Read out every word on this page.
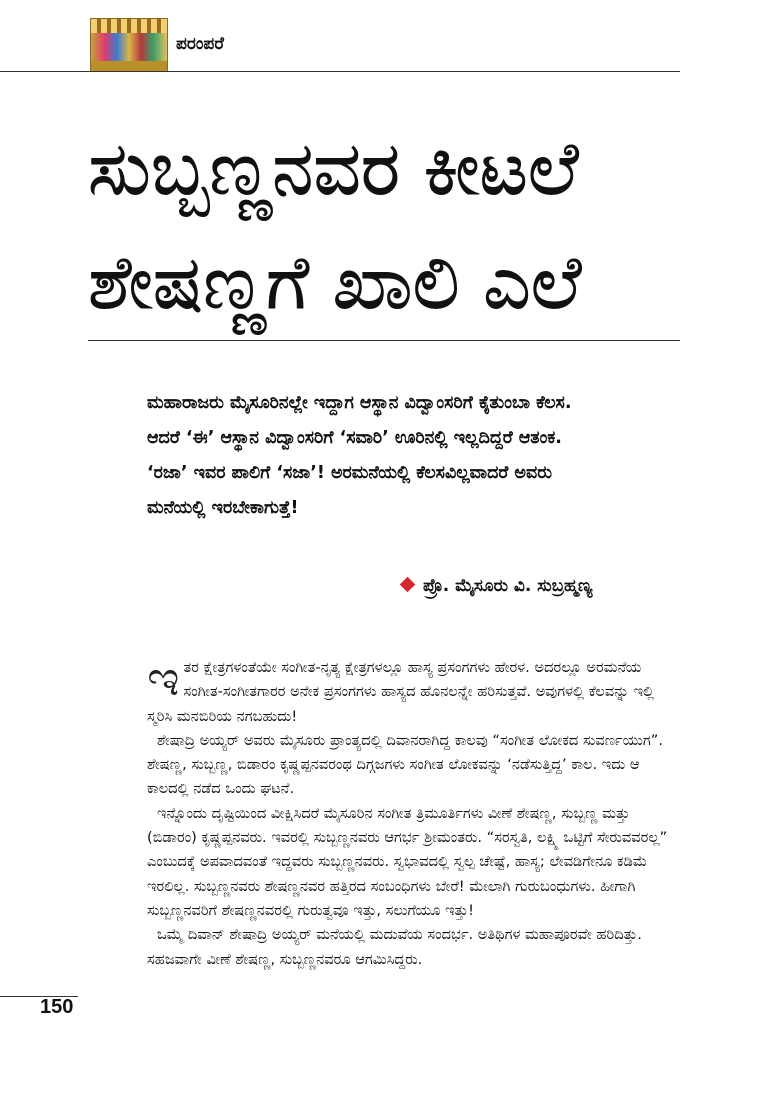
ಪರಂಪರೆ
ಸುಬ್ಬಣ್ಣನವರ ಕೀಟಲೆ
ಶೇಷಣ್ಣಗೆ ಖಾಲಿ ಎಲೆ
ಮಹಾರಾಜರು ಮೈಸೂರಿನಲ್ಲೇ ಇದ್ದಾಗ ಆಸ್ಥಾನ ವಿದ್ವಾಂಸರಿಗೆ ಕೈತುಂಬಾ ಕೆಲಸ. ಆದರೆ ‘ಈ’ ಆಸ್ಥಾನ ವಿದ್ವಾಂಸರಿಗೆ ‘ಸವಾರಿ’ ಊರಿನಲ್ಲಿ ಇಲ್ಲದಿದ್ದರೆ ಆತಂಕ. ‘ರಜಾ’ ಇವರ ಪಾಲಿಗೆ ‘ಸಜಾ’! ಅರಮನೆಯಲ್ಲಿ ಕೆಲಸವಿಲ್ಲವಾದರೆ ಅವರು ಮನೆಯಲ್ಲಿ ಇರಬೇಕಾಗುತ್ತೆ!
ಪ್ರೊ. ಮೈಸೂರು ವಿ. ಸುಬ್ರಹ್ಮಣ್ಯ

ಇತರ ಕ್ಷೇತ್ರಗಳಂತೆಯೇ ಸಂಗೀತ-ನೃತ್ಯ ಕ್ಷೇತ್ರಗಳಲ್ಲೂ ಹಾಸ್ಯ ಪ್ರಸಂಗಗಳು ಹೇರಳ. ಅದರಲ್ಲೂ ಅರಮನೆಯ ಸಂಗೀತ-ಸಂಗೀತಗಾರರ ಅನೇಕ ಪ್ರಸಂಗಗಳು ಹಾಸ್ಯದ ಹೊನಲನ್ನೇ ಹರಿಸುತ್ತವೆ. ಅವುಗಳಲ್ಲಿ ಕೆಲವನ್ನು ಇಲ್ಲಿ ಸ್ಮರಿಸಿ ಮನಬಿರಿಯ ನಗಬಹುದು!

ಶೇಷಾದ್ರಿ ಅಯ್ಯರ್ ಅವರು ಮೈಸೂರು ಪ್ರಾಂತ್ಯದಲ್ಲಿ ದಿವಾನರಾಗಿದ್ದ ಕಾಲವು “ಸಂಗೀತ ಲೋಕದ ಸುವರ್ಣಯುಗ”. ಶೇಷಣ್ಣ, ಸುಬ್ಬಣ್ಣ, ಬಿಡಾರಂ ಕೃಷ್ಣಪ್ಪನವರಂಥ ದಿಗ್ಗಜಗಳು ಸಂಗೀತ ಲೋಕವನ್ನು ‘ನಡೆಸುತ್ತಿದ್ದ’ ಕಾಲ. ಇದು ಆ ಕಾಲದಲ್ಲಿ ನಡೆದ ಒಂದು ಘಟನೆ.

ಇನ್ನೊಂದು ದೃಷ್ಟಿಯಿಂದ ವೀಕ್ಷಿಸಿದರೆ ಮೈಸೂರಿನ ಸಂಗೀತ ತ್ರಿಮೂರ್ತಿಗಳು ವೀಣೆ ಶೇಷಣ್ಣ, ಸುಬ್ಬಣ್ಣ ಮತ್ತು (ಬಿಡಾರಂ) ಕೃಷ್ಣಪ್ಪನವರು. ಇವರಲ್ಲಿ ಸುಬ್ಬಣ್ಣನವರು ಆಗರ್ಭ ಶ್ರೀಮಂತರು. “ಸರಸ್ವತಿ, ಲಕ್ಷ್ಮಿ ಒಟ್ಟಿಗೆ ಸೇರುವವರಲ್ಲ” ಎಂಬುದಕ್ಕೆ ಅಪವಾದವಂತೆ ಇದ್ದವರು ಸುಬ್ಬಣ್ಣನವರು. ಸ್ವಭಾವದಲ್ಲಿ ಸ್ವಲ್ಪ ಚೇಷ್ಟೆ, ಹಾಸ್ಯ; ಲೇವಡಿಗೇನೂ ಕಡಿಮೆ ಇರಲಿಲ್ಲ. ಸುಬ್ಬಣ್ಣನವರು ಶೇಷಣ್ಣನವರ ಹತ್ತಿರದ ಸಂಬಂಧಿಗಳು ಬೇರೆ! ಮೇಲಾಗಿ ಗುರುಬಂಧುಗಳು. ಹೀಗಾಗಿ ಸುಬ್ಬಣ್ಣನವರಿಗೆ ಶೇಷಣ್ಣನವರಲ್ಲಿ ಗುರುತ್ವವೂ ಇತ್ತು, ಸಲುಗೆಯೂ ಇತ್ತು!

ಒಮ್ಮೆ ದಿವಾನ್ ಶೇಷಾದ್ರಿ ಅಯ್ಯರ್ ಮನೆಯಲ್ಲಿ ಮದುವೆಯ ಸಂದರ್ಭ. ಅತಿಥಿಗಳ ಮಹಾಪೂರವೇ ಹರಿದಿತ್ತು. ಸಹಜವಾಗೇ ವೀಣೆ ಶೇಷಣ್ಣ, ಸುಬ್ಬಣ್ಣನವರೂ ಆಗಮಿಸಿದ್ದರು.

150
